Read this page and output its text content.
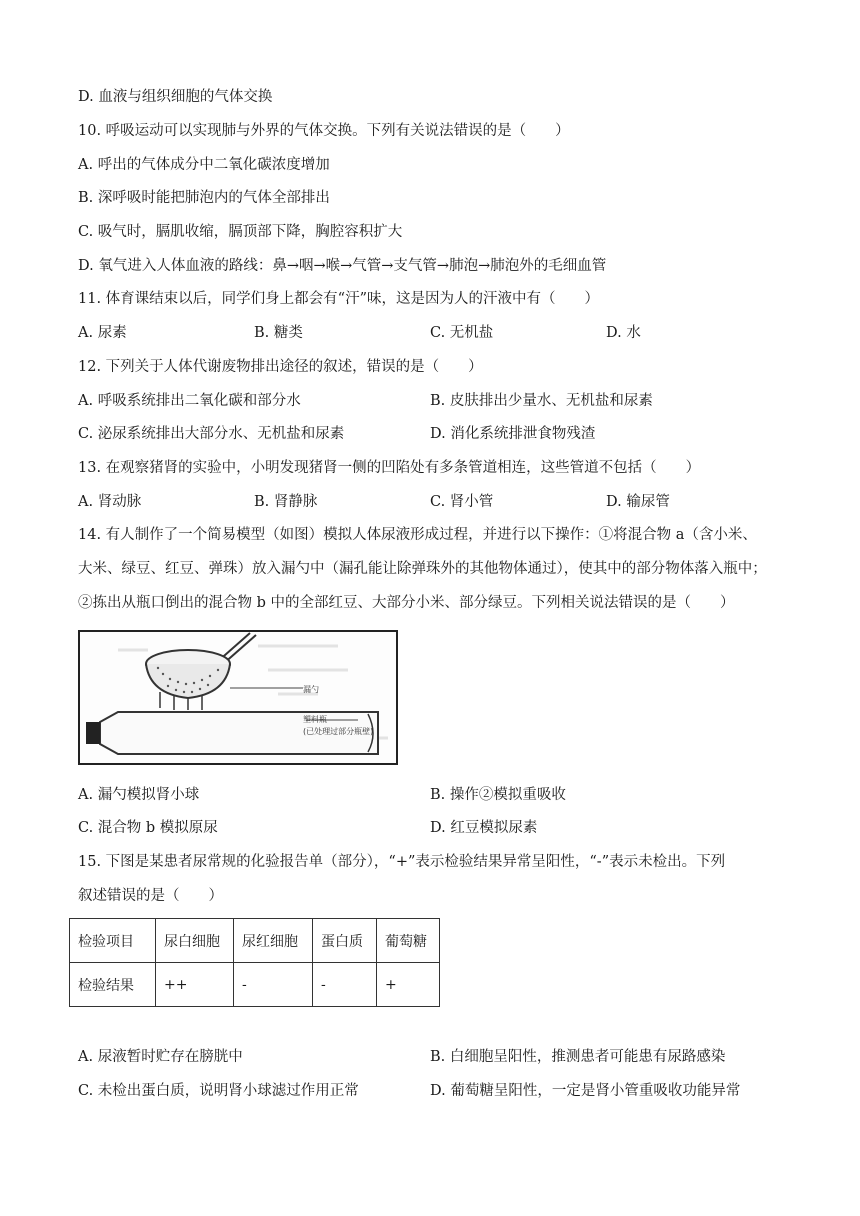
D. 血液与组织细胞的气体交换
10. 呼吸运动可以实现肺与外界的气体交换。下列有关说法错误的是（　　）
A. 呼出的气体成分中二氧化碳浓度增加
B. 深呼吸时能把肺泡内的气体全部排出
C. 吸气时，膈肌收缩，膈顶部下降，胸腔容积扩大
D. 氧气进入人体血液的路线：鼻→咽→喉→气管→支气管→肺泡→肺泡外的毛细血管
11. 体育课结束以后，同学们身上都会有“汗”味，这是因为人的汗液中有（　　）
A. 尿素	B. 糖类	C. 无机盐	D. 水
12. 下列关于人体代谢废物排出途径的叙述，错误的是（　　）
A. 呼吸系统排出二氧化碳和部分水	B. 皮肤排出少量水、无机盐和尿素
C. 泌尿系统排出大部分水、无机盐和尿素	D. 消化系统排泄食物残渣
13. 在观察猪肾的实验中，小明发现猪肾一侧的凹陷处有多条管道相连，这些管道不包括（　　）
A. 肾动脉	B. 肾静脉	C. 肾小管	D. 输尿管
14. 有人制作了一个简易模型（如图）模拟人体尿液形成过程，并进行以下操作：①将混合物 a（含小米、
大米、绿豆、红豆、弹珠）放入漏勺中（漏孔能让除弹珠外的其他物体通过），使其中的部分物体落入瓶中；
②拣出从瓶口倒出的混合物 b 中的全部红豆、大部分小米、部分绿豆。下列相关说法错误的是（　　）
漏勺
塑料瓶
(已处理过部分瓶壁)
A. 漏勺模拟肾小球	B. 操作②模拟重吸收
C. 混合物 b 模拟原尿	D. 红豆模拟尿素
15. 下图是某患者尿常规的化验报告单（部分），“+”表示检验结果异常呈阳性，“-”表示未检出。下列
叙述错误的是（　　）
检验项目	尿白细胞	尿红细胞	蛋白质	葡萄糖
检验结果	++	-	-	+
A. 尿液暂时贮存在膀胱中	B. 白细胞呈阳性，推测患者可能患有尿路感染
C. 未检出蛋白质，说明肾小球滤过作用正常	D. 葡萄糖呈阳性，一定是肾小管重吸收功能异常
